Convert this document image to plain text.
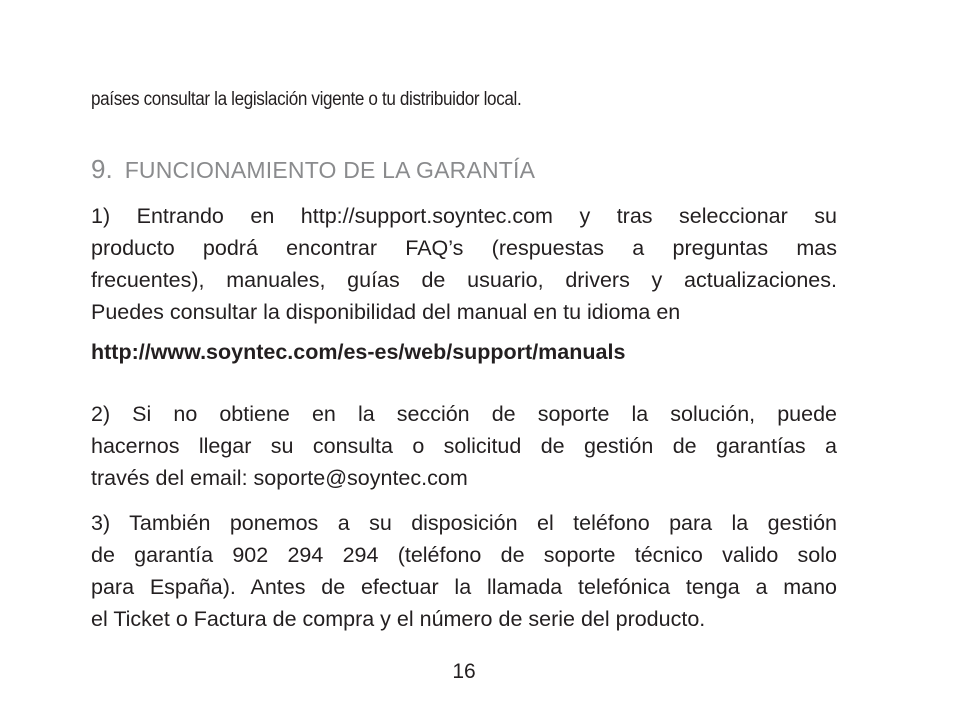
países consultar la legislación vigente o tu distribuidor local.
9. FUNCIONAMIENTO DE LA GARANTÍA

1) Entrando en http://support.soyntec.com y tras seleccionar su
producto podrá encontrar FAQ’s (respuestas a preguntas mas
frecuentes), manuales, guías de usuario, drivers y actualizaciones.
Puedes consultar la disponibilidad del manual en tu idioma en

http://www.soyntec.com/es-es/web/support/manuals

2) Si no obtiene en la sección de soporte la solución, puede
hacernos llegar su consulta o solicitud de gestión de garantías a
través del email: soporte@soyntec.com

3) También ponemos a su disposición el teléfono para la gestión
de garantía 902 294 294 (teléfono de soporte técnico valido solo
para España). Antes de efectuar la llamada telefónica tenga a mano
el Ticket o Factura de compra y el número de serie del producto.

16
